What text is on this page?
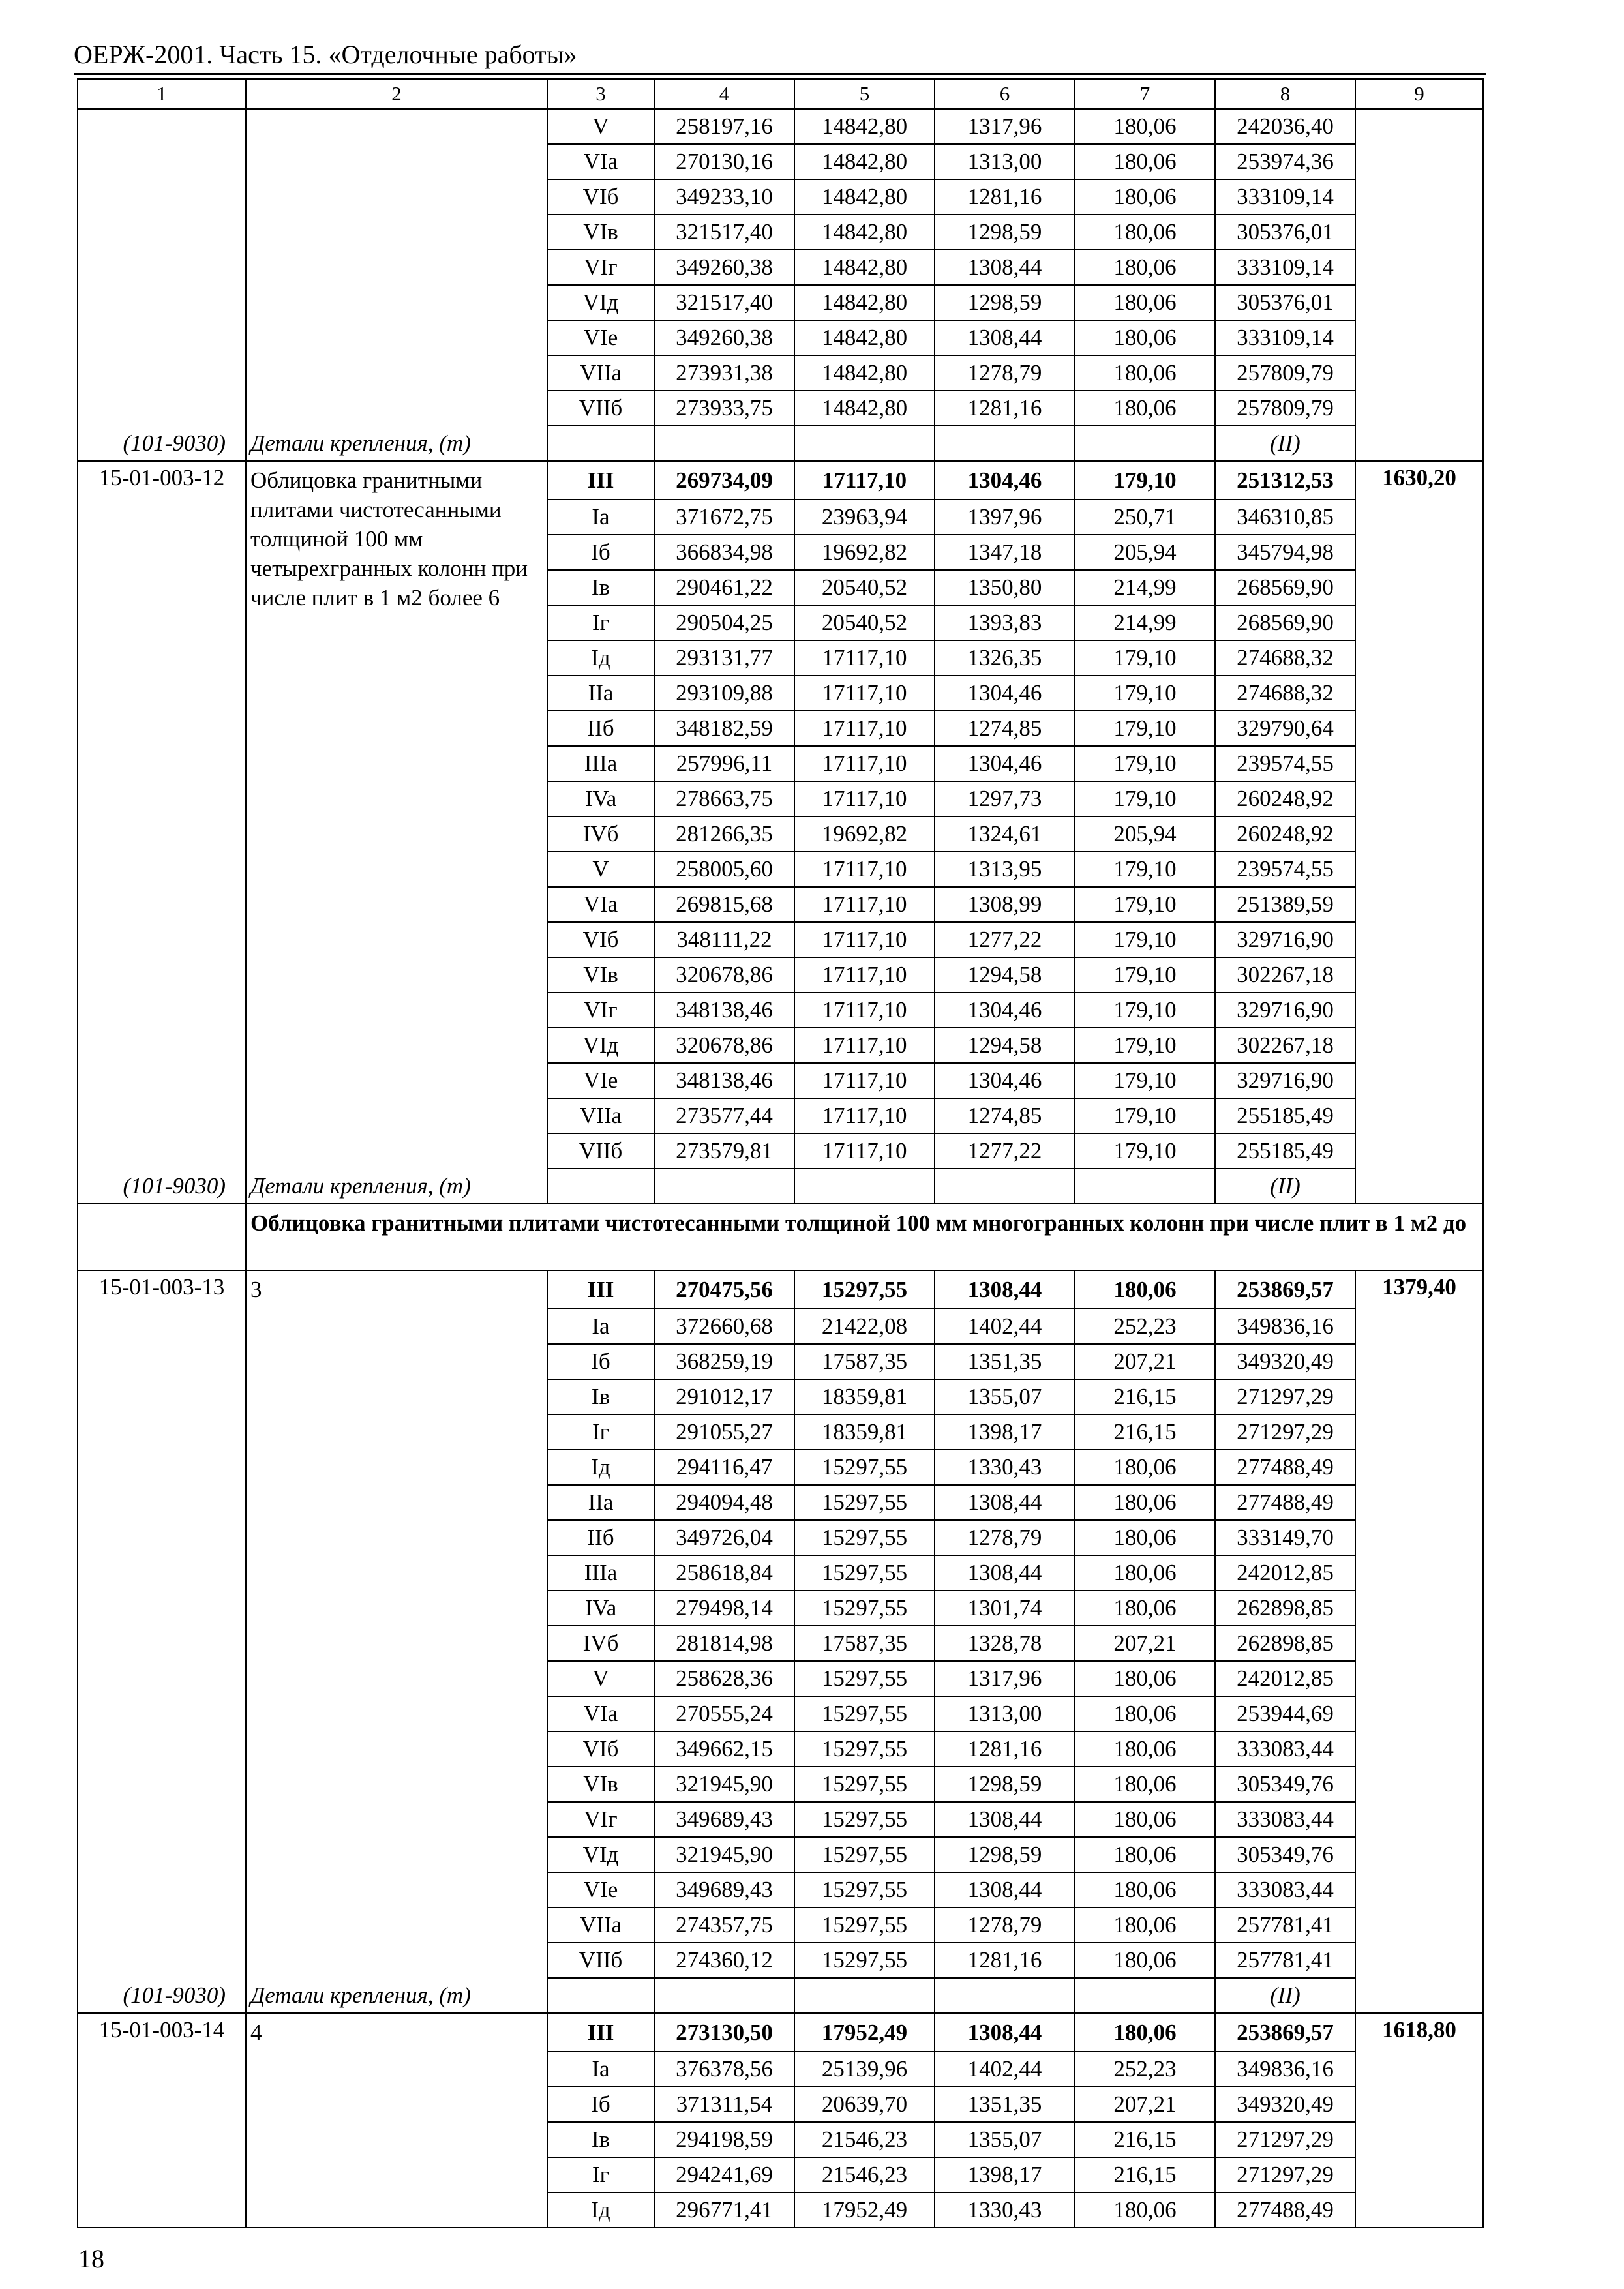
ОЕРЖ-2001. Часть 15. «Отделочные работы»
1	2	3	4	5	6	7	8	9
		V	258197,16	14842,80	1317,96	180,06	242036,40	
		VIa	270130,16	14842,80	1313,00	180,06	253974,36	
		VIб	349233,10	14842,80	1281,16	180,06	333109,14	
		VIв	321517,40	14842,80	1298,59	180,06	305376,01	
		VIг	349260,38	14842,80	1308,44	180,06	333109,14	
		VIд	321517,40	14842,80	1298,59	180,06	305376,01	
		VIе	349260,38	14842,80	1308,44	180,06	333109,14	
		VIIa	273931,38	14842,80	1278,79	180,06	257809,79	
		VIIб	273933,75	14842,80	1281,16	180,06	257809,79	
(101-9030)	Детали крепления, (т)						(II)	
15-01-003-12	Облицовка гранитными плитами чистотесанными толщиной 100 мм четырехгранных колонн при числе плит в 1 м2 более 6	III	269734,09	17117,10	1304,46	179,10	251312,53	1630,20
		Ia	371672,75	23963,94	1397,96	250,71	346310,85	
		Iб	366834,98	19692,82	1347,18	205,94	345794,98	
		Iв	290461,22	20540,52	1350,80	214,99	268569,90	
		Iг	290504,25	20540,52	1393,83	214,99	268569,90	
		Iд	293131,77	17117,10	1326,35	179,10	274688,32	
		IIa	293109,88	17117,10	1304,46	179,10	274688,32	
		IIб	348182,59	17117,10	1274,85	179,10	329790,64	
		IIIa	257996,11	17117,10	1304,46	179,10	239574,55	
		IVa	278663,75	17117,10	1297,73	179,10	260248,92	
		IVб	281266,35	19692,82	1324,61	205,94	260248,92	
		V	258005,60	17117,10	1313,95	179,10	239574,55	
		VIa	269815,68	17117,10	1308,99	179,10	251389,59	
		VIб	348111,22	17117,10	1277,22	179,10	329716,90	
		VIв	320678,86	17117,10	1294,58	179,10	302267,18	
		VIг	348138,46	17117,10	1304,46	179,10	329716,90	
		VIд	320678,86	17117,10	1294,58	179,10	302267,18	
		VIе	348138,46	17117,10	1304,46	179,10	329716,90	
		VIIa	273577,44	17117,10	1274,85	179,10	255185,49	
		VIIб	273579,81	17117,10	1277,22	179,10	255185,49	
(101-9030)	Детали крепления, (т)						(II)	
	Облицовка гранитными плитами чистотесанными толщиной 100 мм многогранных колонн при числе плит в 1 м2 до							
15-01-003-13	3	III	270475,56	15297,55	1308,44	180,06	253869,57	1379,40
		Ia	372660,68	21422,08	1402,44	252,23	349836,16	
		Iб	368259,19	17587,35	1351,35	207,21	349320,49	
		Iв	291012,17	18359,81	1355,07	216,15	271297,29	
		Iг	291055,27	18359,81	1398,17	216,15	271297,29	
		Iд	294116,47	15297,55	1330,43	180,06	277488,49	
		IIa	294094,48	15297,55	1308,44	180,06	277488,49	
		IIб	349726,04	15297,55	1278,79	180,06	333149,70	
		IIIa	258618,84	15297,55	1308,44	180,06	242012,85	
		IVa	279498,14	15297,55	1301,74	180,06	262898,85	
		IVб	281814,98	17587,35	1328,78	207,21	262898,85	
		V	258628,36	15297,55	1317,96	180,06	242012,85	
		VIa	270555,24	15297,55	1313,00	180,06	253944,69	
		VIб	349662,15	15297,55	1281,16	180,06	333083,44	
		VIв	321945,90	15297,55	1298,59	180,06	305349,76	
		VIг	349689,43	15297,55	1308,44	180,06	333083,44	
		VIд	321945,90	15297,55	1298,59	180,06	305349,76	
		VIе	349689,43	15297,55	1308,44	180,06	333083,44	
		VIIa	274357,75	15297,55	1278,79	180,06	257781,41	
		VIIб	274360,12	15297,55	1281,16	180,06	257781,41	
(101-9030)	Детали крепления, (т)						(II)	
15-01-003-14	4	III	273130,50	17952,49	1308,44	180,06	253869,57	1618,80
		Ia	376378,56	25139,96	1402,44	252,23	349836,16	
		Iб	371311,54	20639,70	1351,35	207,21	349320,49	
		Iв	294198,59	21546,23	1355,07	216,15	271297,29	
		Iг	294241,69	21546,23	1398,17	216,15	271297,29	
		Iд	296771,41	17952,49	1330,43	180,06	277488,49	
18
